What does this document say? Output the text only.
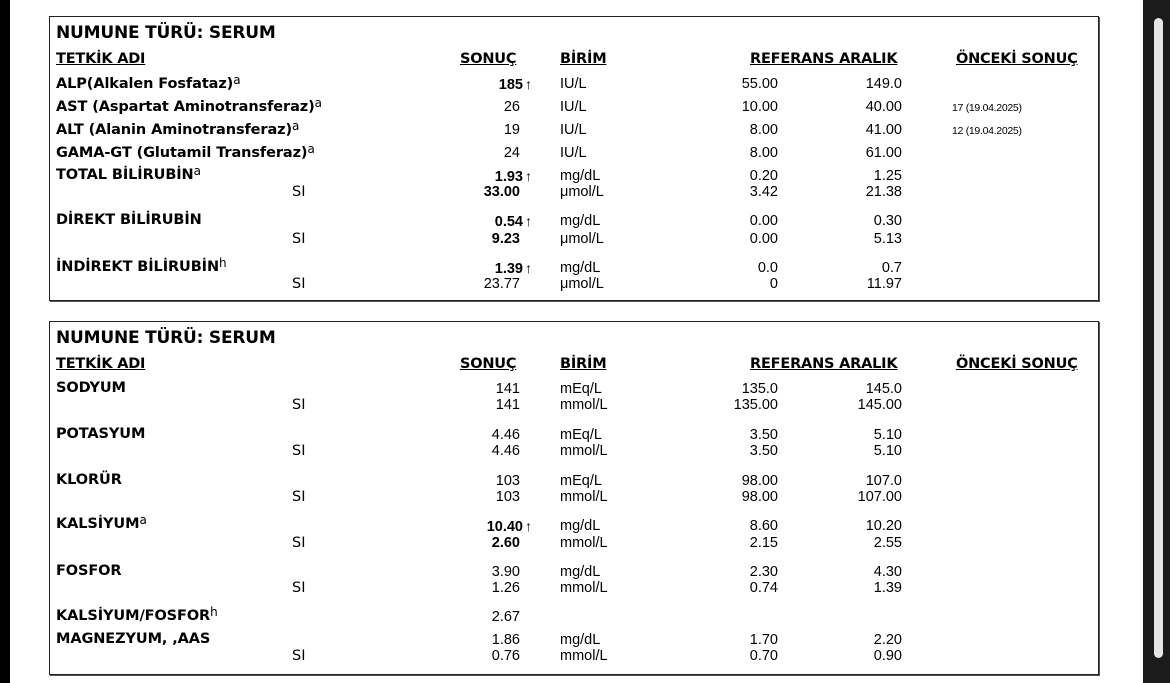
NUMUNE TÜRÜ: SERUM
TETKİK ADI	SONUÇ	BİRİM	REFERANS ARALIK	ÖNCEKİ SONUÇ
ALP(Alkalen Fosfataz)$^a$	185 ↑ IU/L	55.00	149.0
AST (Aspartat Aminotransferaz)$^a$	26	IU/L	10.00	40.00	17 (19.04.2025)
ALT (Alanin Aminotransferaz)$^a$	19	IU/L	8.00	41.00	12 (19.04.2025)
GAMA-GT (Glutamil Transferaz)$^a$	24	IU/L	8.00	61.00
TOTAL BİLİRUBİN$^a$	1.93 ↑ mg/dL	0.20	1.25
SI	33.00	μmol/L	3.42	21.38
DİREKT BİLİRUBİN	0.54 ↑ mg/dL	0.00	0.30
SI	9.23	μmol/L	0.00	5.13
İNDİREKT BİLİRUBİN$^h$	1.39 ↑ mg/dL	0.0	0.7
SI	23.77	μmol/L	0	11.97
NUMUNE TÜRÜ: SERUM
TETKİK ADI	SONUÇ	BİRİM	REFERANS ARALIK	ÖNCEKİ SONUÇ
SODYUM	141	mEq/L	135.0	145.0
SI	141	mmol/L	135.00	145.00
POTASYUM	4.46	mEq/L	3.50	5.10
SI	4.46	mmol/L	3.50	5.10
KLORÜR	103	mEq/L	98.00	107.0
SI	103	mmol/L	98.00	107.00
KALSİYUM$^a$	10.40 ↑ mg/dL	8.60	10.20
SI	2.60	mmol/L	2.15	2.55
FOSFOR	3.90	mg/dL	2.30	4.30
SI	1.26	mmol/L	0.74	1.39
KALSİYUM/FOSFOR$^h$	2.67
MAGNEZYUM, ,AAS	1.86	mg/dL	1.70	2.20
SI	0.76	mmol/L	0.70	0.90
